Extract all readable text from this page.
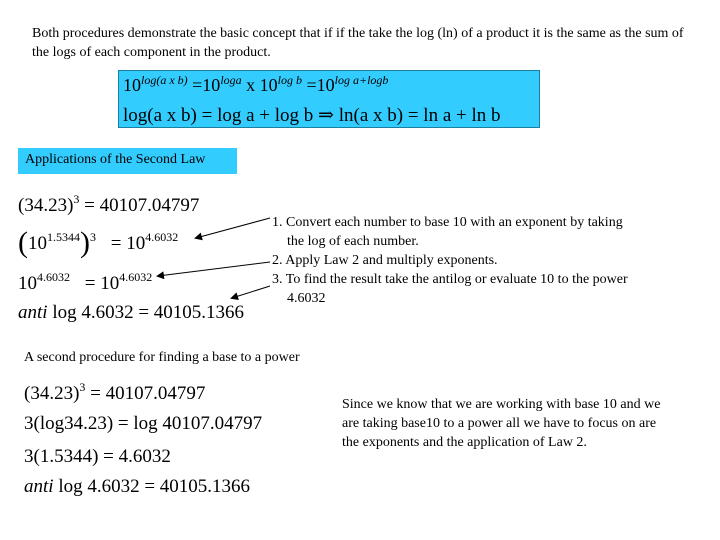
Both procedures demonstrate the basic concept that if if the take the log (ln) of a product it is the same as the sum of the logs of each component in the product.
$10^{log(a x b)} =10^{loga}$ x $10^{log b} =10^{log a+logb}$
log(a x b) = log a + log b ⇒ ln(a x b) = ln a + ln b
Applications of the Second Law
$(34.23)^3 = 40107.04797$
$(10^{1.5344})^3 = 10^{4.6032}$
$10^{4.6032} = 10^{4.6032}$
anti log 4.6032 = 40105.1366
1. Convert each number to base 10 with an exponent by taking
the log of each number.
2. Apply Law 2 and multiply exponents.
3. To find the result take the antilog or evaluate 10 to the power
4.6032
A second procedure for finding a base to a power
$(34.23)^3 = 40107.04797$
3(log34.23) = log 40107.04797
3(1.5344) = 4.6032
anti log 4.6032 = 40105.1366
Since we know that we are working with base 10 and we are taking base10 to a power all we have to focus on are the exponents and the application of Law 2.
